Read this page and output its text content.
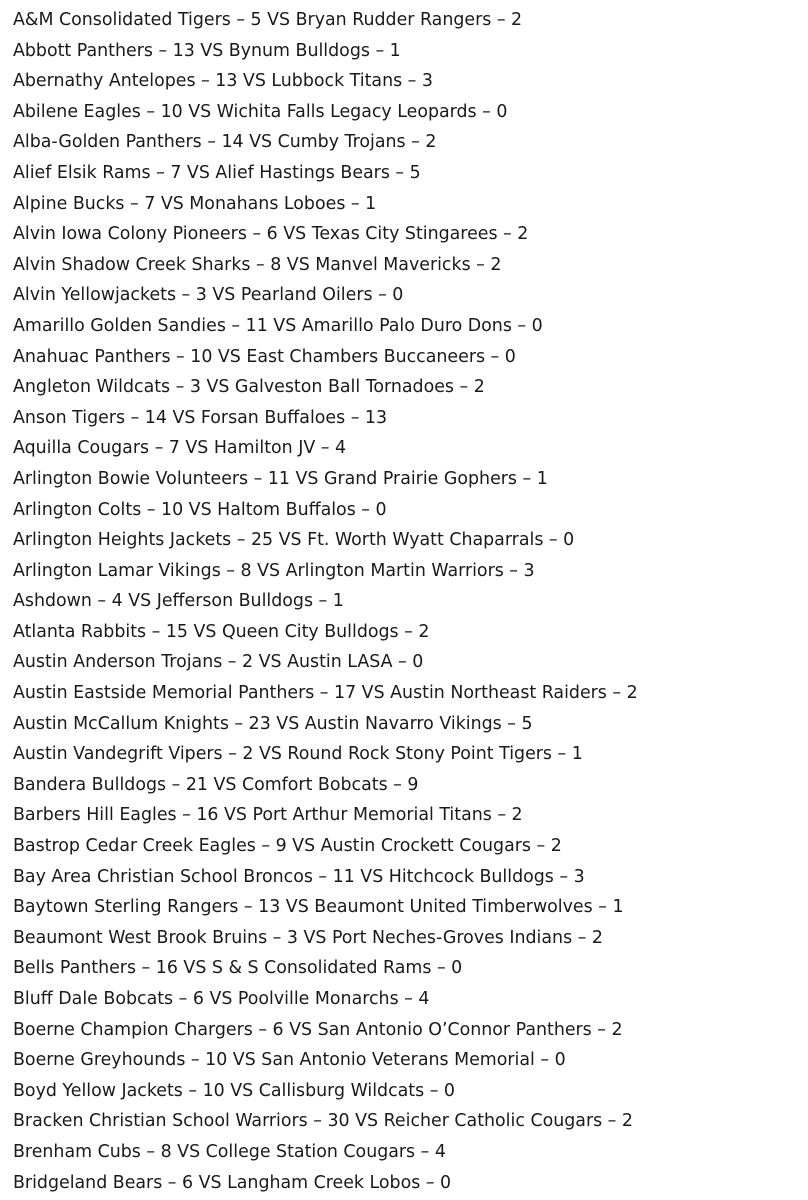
A&M Consolidated Tigers – 5 VS Bryan Rudder Rangers – 2
Abbott Panthers – 13 VS Bynum Bulldogs – 1
Abernathy Antelopes – 13 VS Lubbock Titans – 3
Abilene Eagles – 10 VS Wichita Falls Legacy Leopards – 0
Alba-Golden Panthers – 14 VS Cumby Trojans – 2
Alief Elsik Rams – 7 VS Alief Hastings Bears – 5
Alpine Bucks – 7 VS Monahans Loboes – 1
Alvin Iowa Colony Pioneers – 6 VS Texas City Stingarees – 2
Alvin Shadow Creek Sharks – 8 VS Manvel Mavericks – 2
Alvin Yellowjackets – 3 VS Pearland Oilers – 0
Amarillo Golden Sandies – 11 VS Amarillo Palo Duro Dons – 0
Anahuac Panthers – 10 VS East Chambers Buccaneers – 0
Angleton Wildcats – 3 VS Galveston Ball Tornadoes – 2
Anson Tigers – 14 VS Forsan Buffaloes – 13
Aquilla Cougars – 7 VS Hamilton JV – 4
Arlington Bowie Volunteers – 11 VS Grand Prairie Gophers – 1
Arlington Colts – 10 VS Haltom Buffalos – 0
Arlington Heights Jackets – 25 VS Ft. Worth Wyatt Chaparrals – 0
Arlington Lamar Vikings – 8 VS Arlington Martin Warriors – 3
Ashdown – 4 VS Jefferson Bulldogs – 1
Atlanta Rabbits – 15 VS Queen City Bulldogs – 2
Austin Anderson Trojans – 2 VS Austin LASA – 0
Austin Eastside Memorial Panthers – 17 VS Austin Northeast Raiders – 2
Austin McCallum Knights – 23 VS Austin Navarro Vikings – 5
Austin Vandegrift Vipers – 2 VS Round Rock Stony Point Tigers – 1
Bandera Bulldogs – 21 VS Comfort Bobcats – 9
Barbers Hill Eagles – 16 VS Port Arthur Memorial Titans – 2
Bastrop Cedar Creek Eagles – 9 VS Austin Crockett Cougars – 2
Bay Area Christian School Broncos – 11 VS Hitchcock Bulldogs – 3
Baytown Sterling Rangers – 13 VS Beaumont United Timberwolves – 1
Beaumont West Brook Bruins – 3 VS Port Neches-Groves Indians – 2
Bells Panthers – 16 VS S & S Consolidated Rams – 0
Bluff Dale Bobcats – 6 VS Poolville Monarchs – 4
Boerne Champion Chargers – 6 VS San Antonio O’Connor Panthers – 2
Boerne Greyhounds – 10 VS San Antonio Veterans Memorial – 0
Boyd Yellow Jackets – 10 VS Callisburg Wildcats – 0
Bracken Christian School Warriors – 30 VS Reicher Catholic Cougars – 2
Brenham Cubs – 8 VS College Station Cougars – 4
Bridgeland Bears – 6 VS Langham Creek Lobos – 0
